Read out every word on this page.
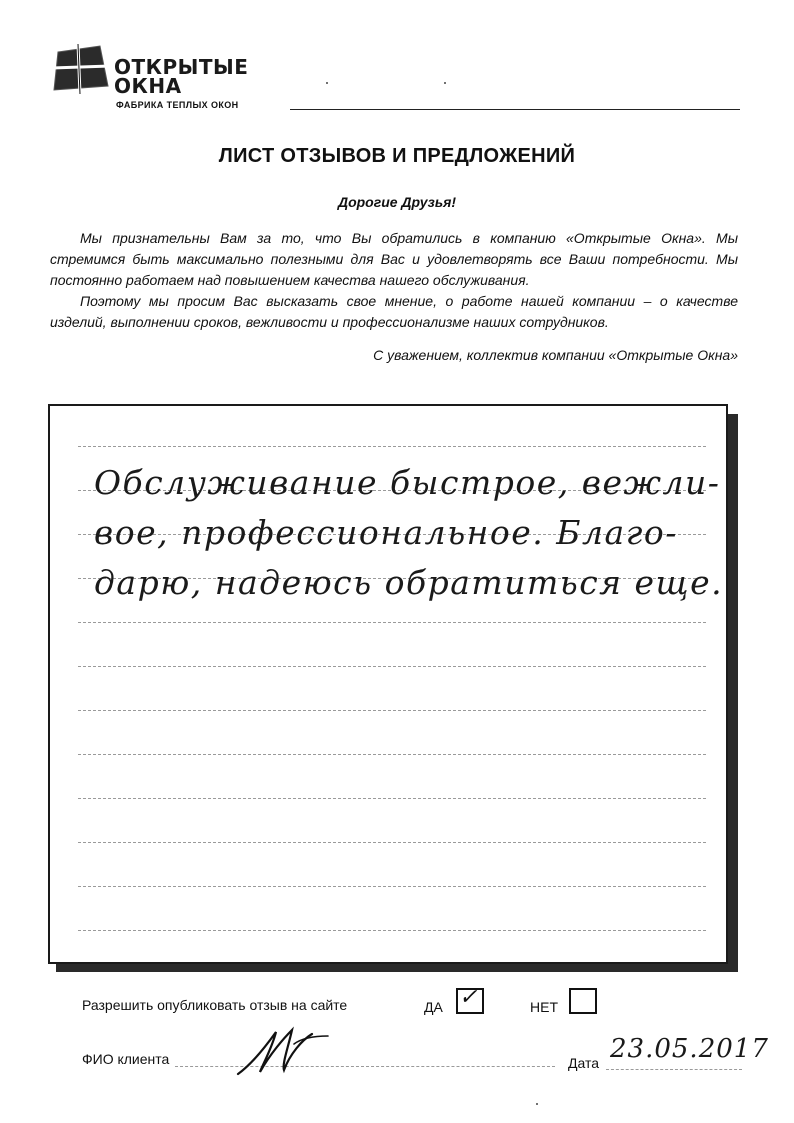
ОТКРЫТЫЕ
ОКНА
ФАБРИКА ТЕПЛЫХ ОКОН
ЛИСТ ОТЗЫВОВ И ПРЕДЛОЖЕНИЙ
Дорогие Друзья!

Мы признательны Вам за то, что Вы обратились в компанию «Открытые Окна». Мы стремимся быть максимально полезными для Вас и удовлетворять все Ваши потребности. Мы постоянно работаем над повышением качества нашего обслуживания.

Поэтому мы просим Вас высказать свое мнение, о работе нашей компании – о качестве изделий, выполнении сроков, вежливости и профессионализме наших сотрудников.

С уважением, коллектив компании «Открытые Окна»
Обслуживание быстрое, вежли-
вое, профессиональное. Благо-
дарю, надеюсь обратиться еще.
Разрешить опубликовать отзыв на сайте	ДА ✓	НЕТ
ФИО клиента	Дата 23.05.2017
